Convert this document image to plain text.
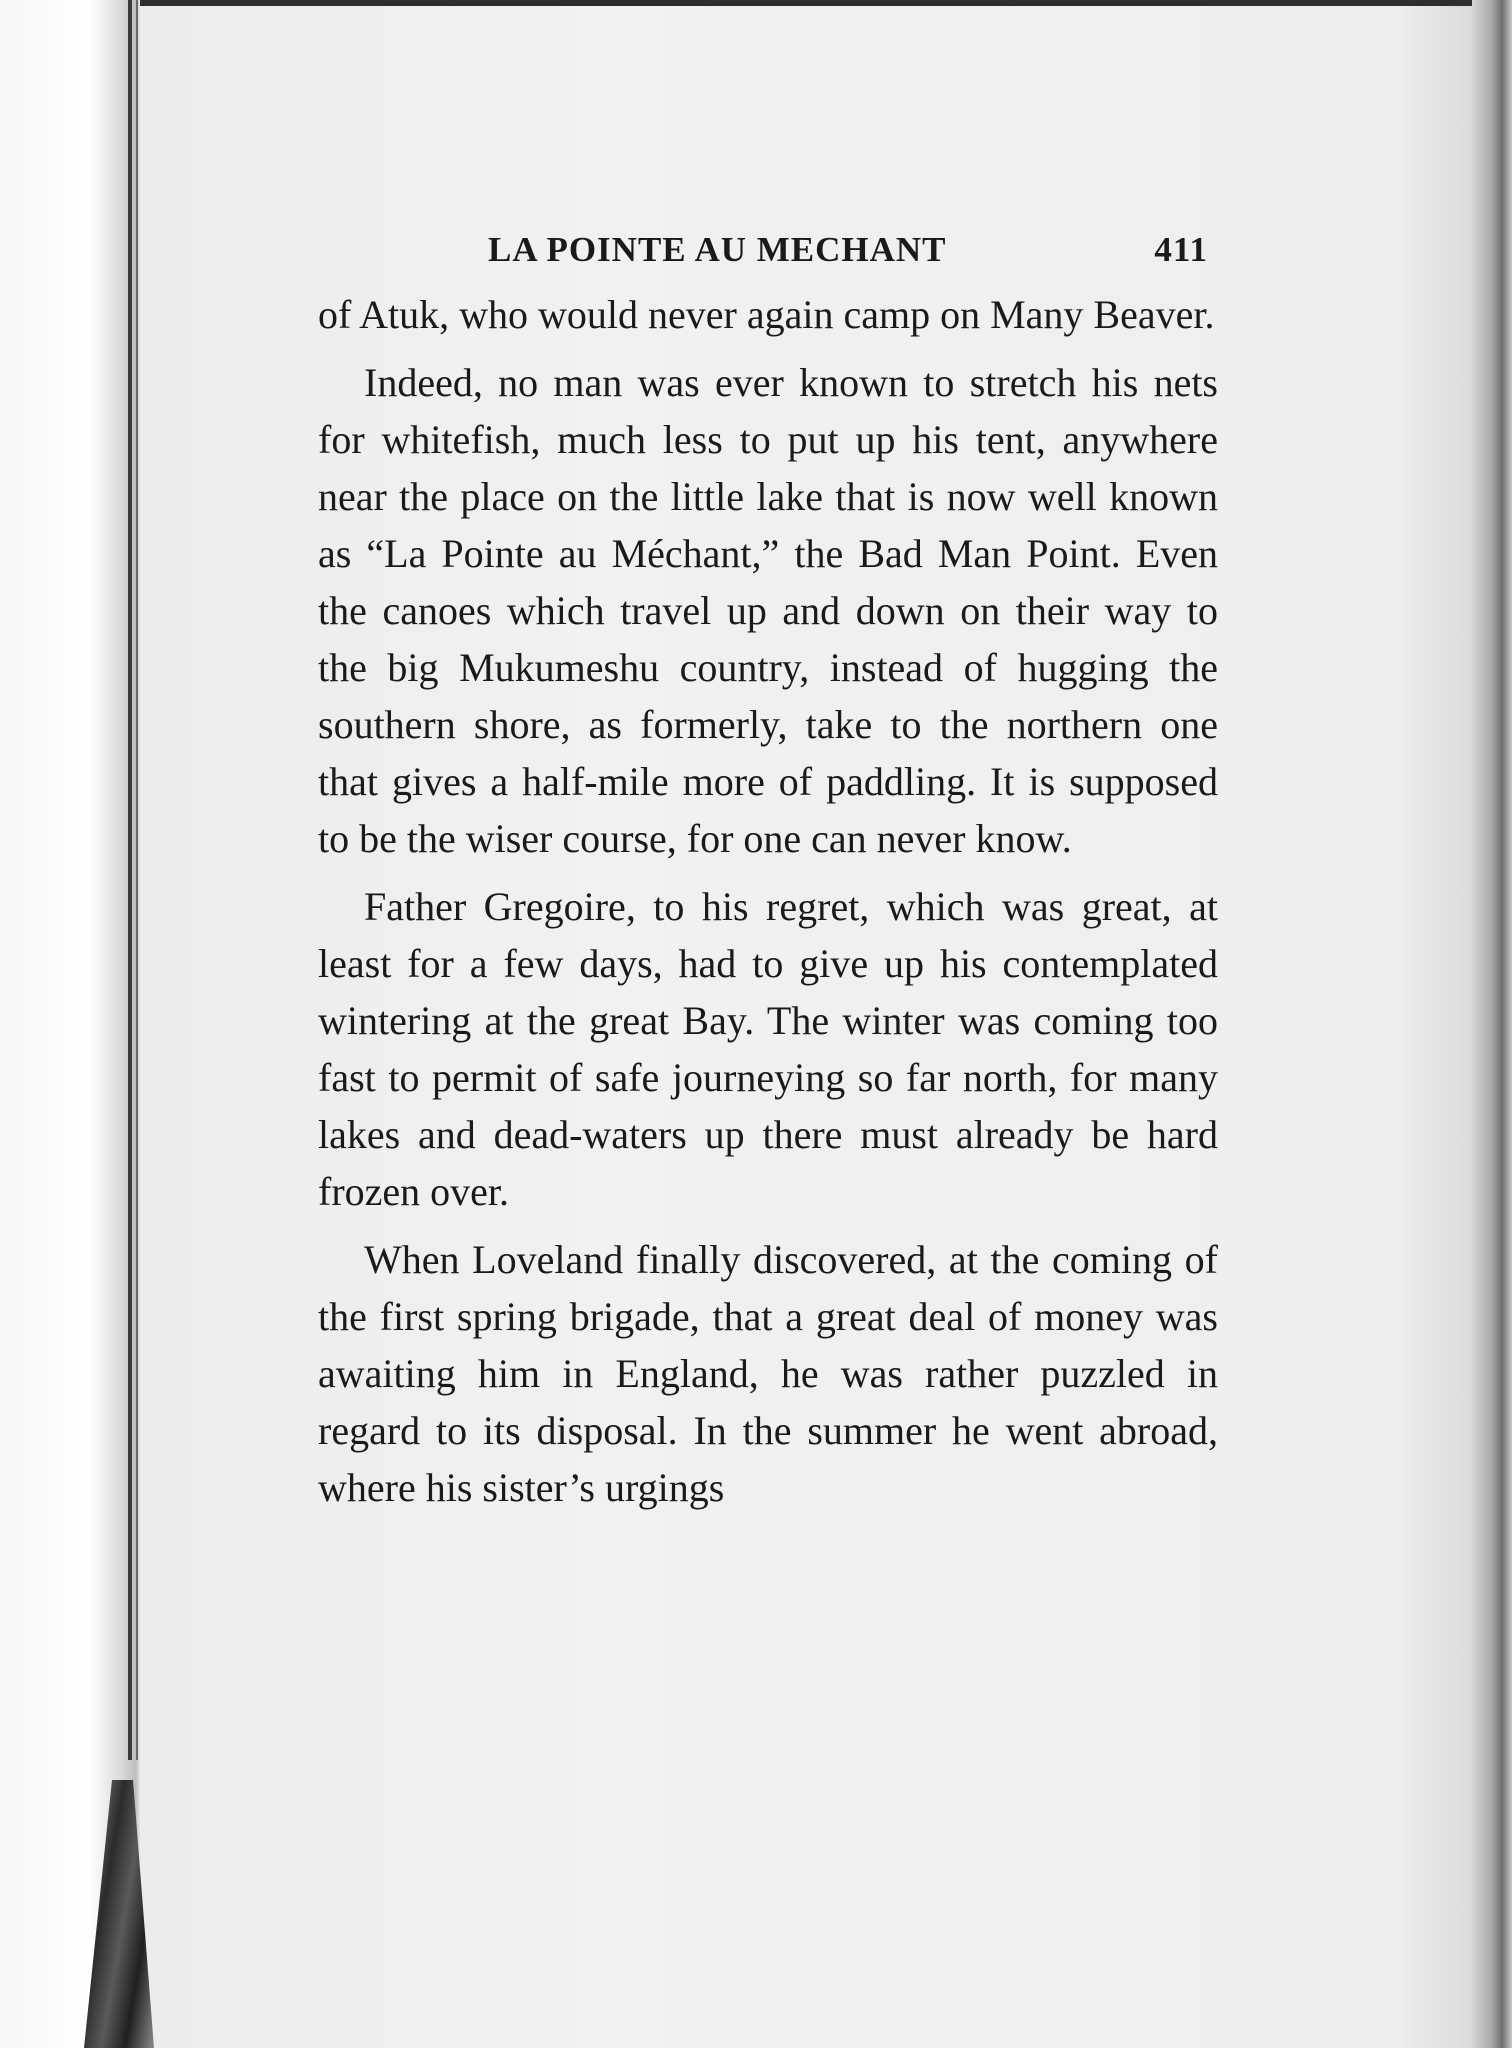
LA POINTE AU MECHANT	411

of Atuk, who would never again camp on Many Beaver.

Indeed, no man was ever known to stretch his nets for whitefish, much less to put up his tent, anywhere near the place on the little lake that is now well known as “La Pointe au Méchant,” the Bad Man Point. Even the canoes which travel up and down on their way to the big Mukumeshu country, instead of hugging the southern shore, as formerly, take to the northern one that gives a half-mile more of paddling. It is supposed to be the wiser course, for one can never know.

Father Gregoire, to his regret, which was great, at least for a few days, had to give up his contemplated wintering at the great Bay. The winter was coming too fast to permit of safe journeying so far north, for many lakes and dead-waters up there must already be hard frozen over.

When Loveland finally discovered, at the coming of the first spring brigade, that a great deal of money was awaiting him in England, he was rather puzzled in regard to its disposal. In the summer he went abroad, where his sister’s urgings
